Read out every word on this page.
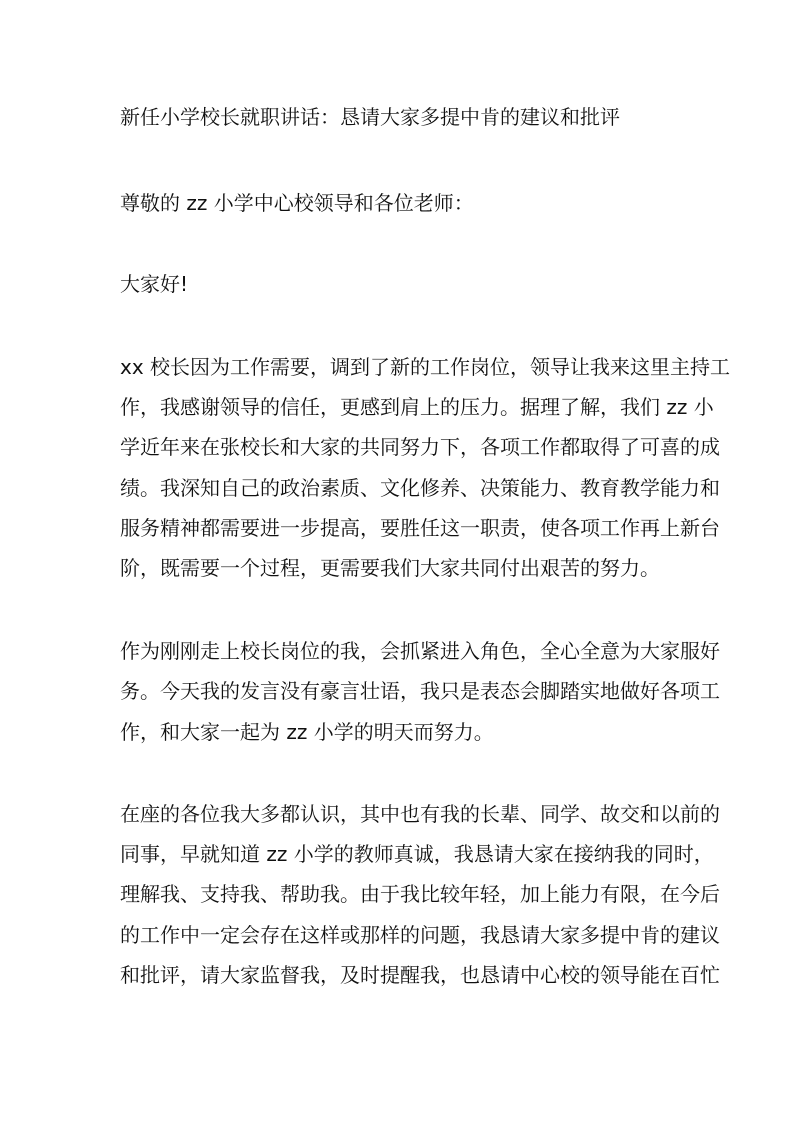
新任小学校长就职讲话：恳请大家多提中肯的建议和批评
尊敬的 zz 小学中心校领导和各位老师：
大家好!
xx 校长因为工作需要，调到了新的工作岗位，领导让我来这里主持工
作，我感谢领导的信任，更感到肩上的压力。据理了解，我们 zz 小
学近年来在张校长和大家的共同努力下，各项工作都取得了可喜的成
绩。我深知自己的政治素质、文化修养、决策能力、教育教学能力和
服务精神都需要进一步提高，要胜任这一职责，使各项工作再上新台
阶，既需要一个过程，更需要我们大家共同付出艰苦的努力。
作为刚刚走上校长岗位的我，会抓紧进入角色，全心全意为大家服好
务。今天我的发言没有豪言壮语，我只是表态会脚踏实地做好各项工
作，和大家一起为 zz 小学的明天而努力。
在座的各位我大多都认识，其中也有我的长辈、同学、故交和以前的
同事，早就知道 zz 小学的教师真诚，我恳请大家在接纳我的同时，
理解我、支持我、帮助我。由于我比较年轻，加上能力有限，在今后
的工作中一定会存在这样或那样的问题，我恳请大家多提中肯的建议
和批评，请大家监督我，及时提醒我，也恳请中心校的领导能在百忙
